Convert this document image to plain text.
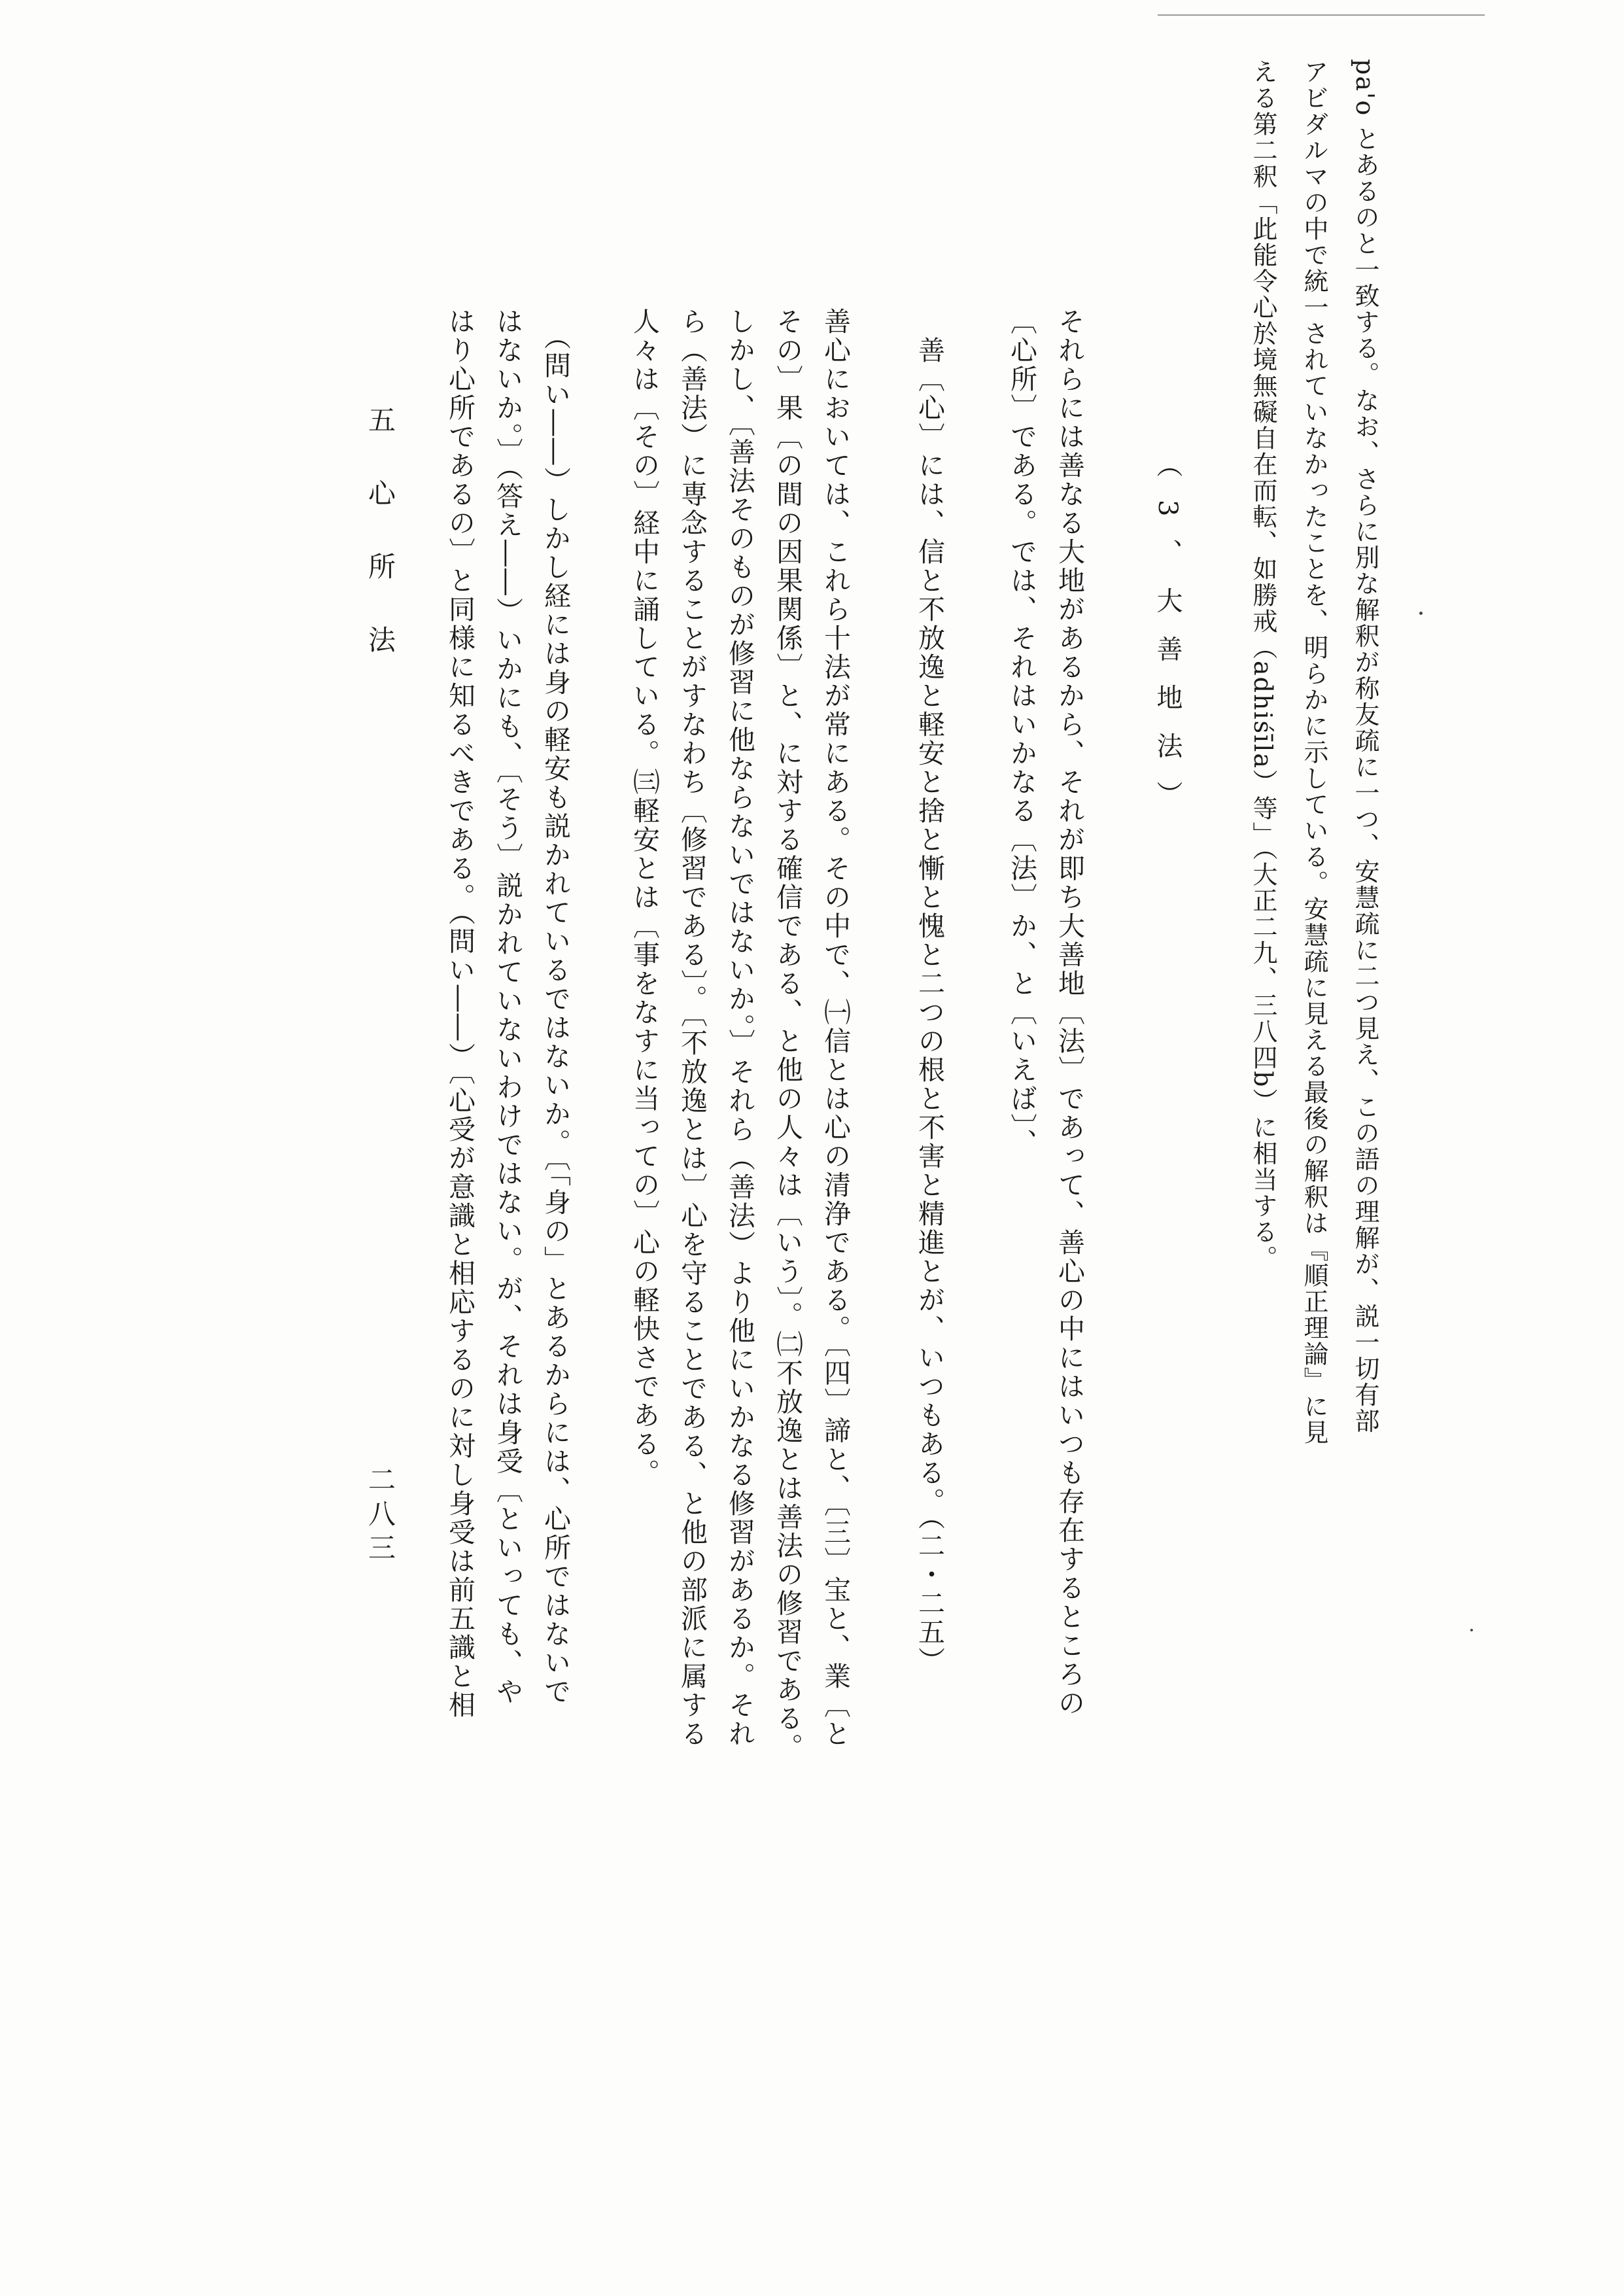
pa'o とあるのと一致する。なお、さらに別な解釈が称友疏に一つ、安慧疏に二つ見え、この語の理解が、説一切有部
アビダルマの中で統一されていなかったことを、明らかに示している。安慧疏に見える最後の解釈は『順正理論』に見
える第二釈「此能令心於境無礙自在而転、如勝戒（adhiśīla）等」（大正二九、三八四b）に相当する。
（3、大善地法）
それらには善なる大地があるから、それが即ち大善地〔法〕であって、善心の中にはいつも存在するところの
〔心所〕である。では、それはいかなる〔法〕か、と〔いえば〕、
　善〔心〕には、信と不放逸と軽安と捨と慚と愧と二つの根と不害と精進とが、いつもある。（二・二五）
善心においては、これら十法が常にある。その中で、㈠信とは心の清浄である。〔四〕諦と、〔三〕宝と、業〔と
その〕果〔の間の因果関係〕と、に対する確信である、と他の人々は〔いう〕。㈡不放逸とは善法の修習である。
しかし、〔善法そのものが修習に他ならないではないか。〕それら（善法）より他にいかなる修習があるか。それ
ら（善法）に専念することがすなわち〔修習である〕。〔不放逸とは〕心を守ることである、と他の部派に属する
人々は〔その〕経中に誦している。㈢軽安とは〔事をなすに当っての〕心の軽快さである。
　（問い――）しかし経には身の軽安も説かれているではないか。〔「身の」とあるからには、心所ではないで
はないか。〕（答え――）いかにも、〔そう〕説かれていないわけではない。が、それは身受〔といっても、や
はり心所であるの〕と同様に知るべきである。（問い――）〔心受が意識と相応するのに対し身受は前五識と相
五心所法
二八三
